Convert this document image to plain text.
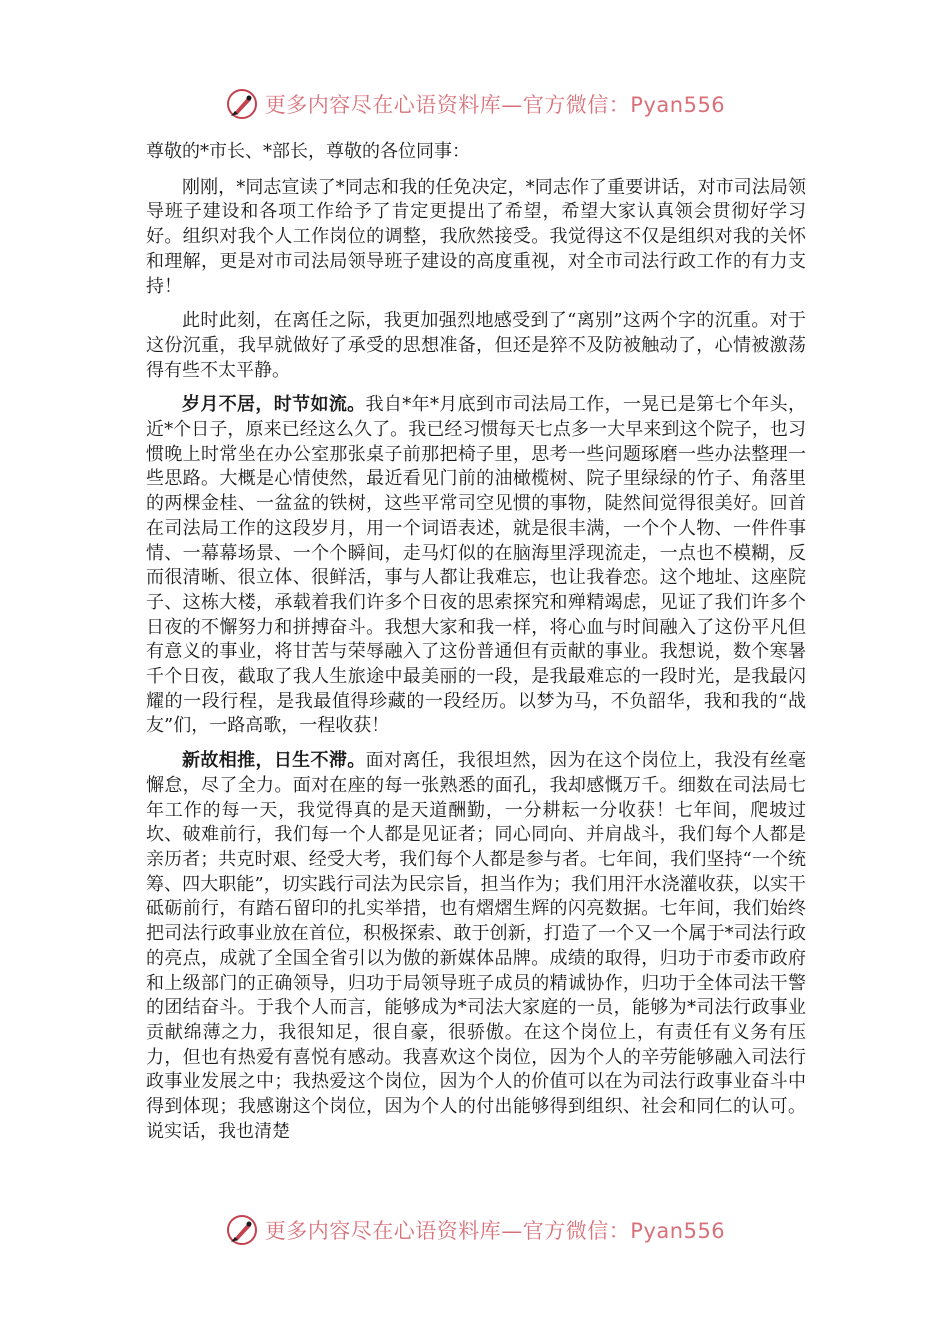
更多内容尽在心语资料库—官方微信：Pyan556

尊敬的*市长、*部长，尊敬的各位同事：

刚刚，*同志宣读了*同志和我的任免决定，*同志作了重要讲话，对市司法局领导班子建设和各项工作给予了肯定更提出了希望，希望大家认真领会贯彻好学习好。组织对我个人工作岗位的调整，我欣然接受。我觉得这不仅是组织对我的关怀和理解，更是对市司法局领导班子建设的高度重视，对全市司法行政工作的有力支持！

此时此刻，在离任之际，我更加强烈地感受到了“离别”这两个字的沉重。对于这份沉重，我早就做好了承受的思想准备，但还是猝不及防被触动了，心情被激荡得有些不太平静。

岁月不居，时节如流。我自*年*月底到市司法局工作，一晃已是第七个年头，近*个日子，原来已经这么久了。我已经习惯每天七点多一大早来到这个院子，也习惯晚上时常坐在办公室那张桌子前那把椅子里，思考一些问题琢磨一些办法整理一些思路。大概是心情使然，最近看见门前的油橄榄树、院子里绿绿的竹子、角落里的两棵金桂、一盆盆的铁树，这些平常司空见惯的事物，陡然间觉得很美好。回首在司法局工作的这段岁月，用一个词语表述，就是很丰满，一个个人物、一件件事情、一幕幕场景、一个个瞬间，走马灯似的在脑海里浮现流走，一点也不模糊，反而很清晰、很立体、很鲜活，事与人都让我难忘，也让我眷恋。这个地址、这座院子、这栋大楼，承载着我们许多个日夜的思索探究和殚精竭虑，见证了我们许多个日夜的不懈努力和拼搏奋斗。我想大家和我一样，将心血与时间融入了这份平凡但有意义的事业，将甘苦与荣辱融入了这份普通但有贡献的事业。我想说，数个寒暑千个日夜，截取了我人生旅途中最美丽的一段，是我最难忘的一段时光，是我最闪耀的一段行程，是我最值得珍藏的一段经历。以梦为马，不负韶华，我和我的“战友”们，一路高歌，一程收获！

新故相推，日生不滞。面对离任，我很坦然，因为在这个岗位上，我没有丝毫懈怠，尽了全力。面对在座的每一张熟悉的面孔，我却感慨万千。细数在司法局七年工作的每一天，我觉得真的是天道酬勤，一分耕耘一分收获！七年间，爬坡过坎、破难前行，我们每一个人都是见证者；同心同向、并肩战斗，我们每个人都是亲历者；共克时艰、经受大考，我们每个人都是参与者。七年间，我们坚持“一个统筹、四大职能”，切实践行司法为民宗旨，担当作为；我们用汗水浇灌收获，以实干砥砺前行，有踏石留印的扎实举措，也有熠熠生辉的闪亮数据。七年间，我们始终把司法行政事业放在首位，积极探索、敢于创新，打造了一个又一个属于*司法行政的亮点，成就了全国全省引以为傲的新媒体品牌。成绩的取得，归功于市委市政府和上级部门的正确领导，归功于局领导班子成员的精诚协作，归功于全体司法干警的团结奋斗。于我个人而言，能够成为*司法大家庭的一员，能够为*司法行政事业贡献绵薄之力，我很知足，很自豪，很骄傲。在这个岗位上，有责任有义务有压力，但也有热爱有喜悦有感动。我喜欢这个岗位，因为个人的辛劳能够融入司法行政事业发展之中；我热爱这个岗位，因为个人的价值可以在为司法行政事业奋斗中得到体现；我感谢这个岗位，因为个人的付出能够得到组织、社会和同仁的认可。说实话，我也清楚

更多内容尽在心语资料库—官方微信：Pyan556
